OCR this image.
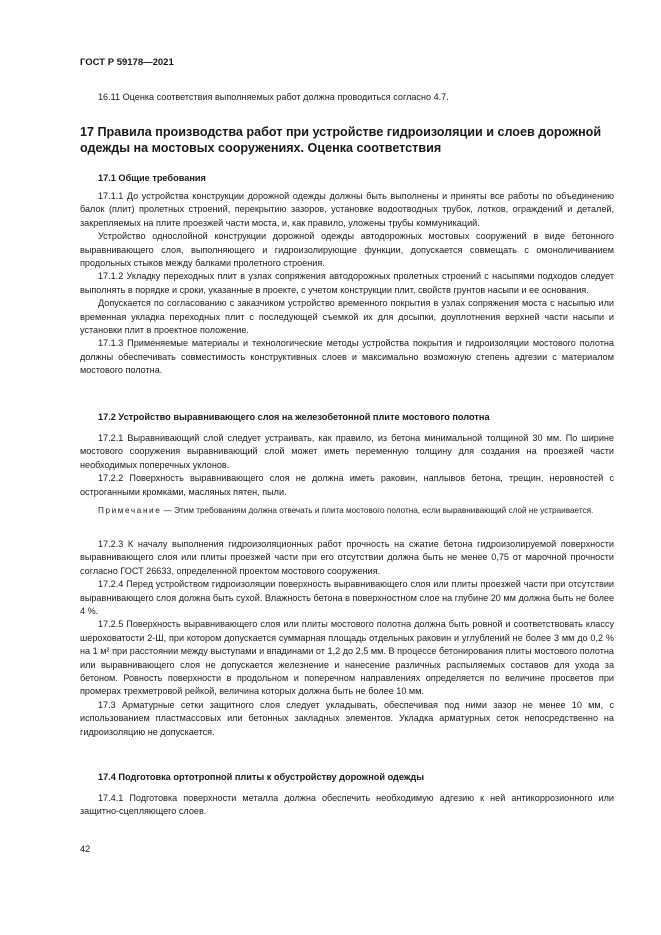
ГОСТ Р 59178—2021

16.11 Оценка соответствия выполняемых работ должна проводиться согласно 4.7.

17 Правила производства работ при устройстве гидроизоляции и слоев дорожной одежды на мостовых сооружениях. Оценка соответствия
17.1 Общие требования

17.1.1 До устройства конструкции дорожной одежды должны быть выполнены и приняты все работы по объединению балок (плит) пролетных строений, перекрытию зазоров, установке водоотводных трубок, лотков, ограждений и деталей, закрепляемых на плите проезжей части моста, и, как правило, уложены трубы коммуникаций.

Устройство однослойной конструкции дорожной одежды автодорожных мостовых сооружений в виде бетонного выравнивающего слоя, выполняющего и гидроизолирующие функции, допускается совмещать с омоноличиванием продольных стыков между балками пролетного строения.

17.1.2 Укладку переходных плит в узлах сопряжения автодорожных пролетных строений с насыпями подходов следует выполнять в порядке и сроки, указанные в проекте, с учетом конструкции плит, свойств грунтов насыпи и ее основания.

Допускается по согласованию с заказчиком устройство временного покрытия в узлах сопряжения моста с насыпью или временная укладка переходных плит с последующей съемкой их для досыпки, доуплотнения верхней части насыпи и установки плит в проектное положение.

17.1.3 Применяемые материалы и технологические методы устройства покрытия и гидроизоляции мостового полотна должны обеспечивать совместимость конструктивных слоев и максимально возможную степень адгезии с материалом мостового полотна.

17.2 Устройство выравнивающего слоя на железобетонной плите мостового полотна

17.2.1 Выравнивающий слой следует устраивать, как правило, из бетона минимальной толщиной 30 мм. По ширине мостового сооружения выравнивающий слой может иметь переменную толщину для создания на проезжей части необходимых поперечных уклонов.

17.2.2 Поверхность выравнивающего слоя не должна иметь раковин, наплывов бетона, трещин, неровностей с остроганными кромками, масляных пятен, пыли.

Примечание — Этим требованиям должна отвечать и плита мостового полотна, если выравнивающий слой не устраивается.

17.2.3 К началу выполнения гидроизоляционных работ прочность на сжатие бетона гидроизолируемой поверхности выравнивающего слоя или плиты проезжей части при его отсутствии должна быть не менее 0,75 от марочной прочности согласно ГОСТ 26633, определенной проектом мостового сооружения.

17.2.4 Перед устройством гидроизоляции поверхность выравнивающего слоя или плиты проезжей части при отсутствии выравнивающего слоя должна быть сухой. Влажность бетона в поверхностном слое на глубине 20 мм должна быть не более 4 %.

17.2.5 Поверхность выравнивающего слоя или плиты мостового полотна должна быть ровной и соответствовать классу шероховатости 2-Ш, при котором допускается суммарная площадь отдельных раковин и углублений не более 3 мм до 0,2 % на 1 м² при расстоянии между выступами и впадинами от 1,2 до 2,5 мм. В процессе бетонирования плиты мостового полотна или выравнивающего слоя не допускается железнение и нанесение различных распыляемых составов для ухода за бетоном. Ровность поверхности в продольном и поперечном направлениях определяется по величине просветов при промерах трехметровой рейкой, величина которых должна быть не более 10 мм.

17.3 Арматурные сетки защитного слоя следует укладывать, обеспечивая под ними зазор не менее 10 мм, с использованием пластмассовых или бетонных закладных элементов. Укладка арматурных сеток непосредственно на гидроизоляцию не допускается.

17.4 Подготовка ортотропной плиты к обустройству дорожной одежды

17.4.1 Подготовка поверхности металла должна обеспечить необходимую адгезию к ней антикоррозионного или защитно-сцепляющего слоев.

42
